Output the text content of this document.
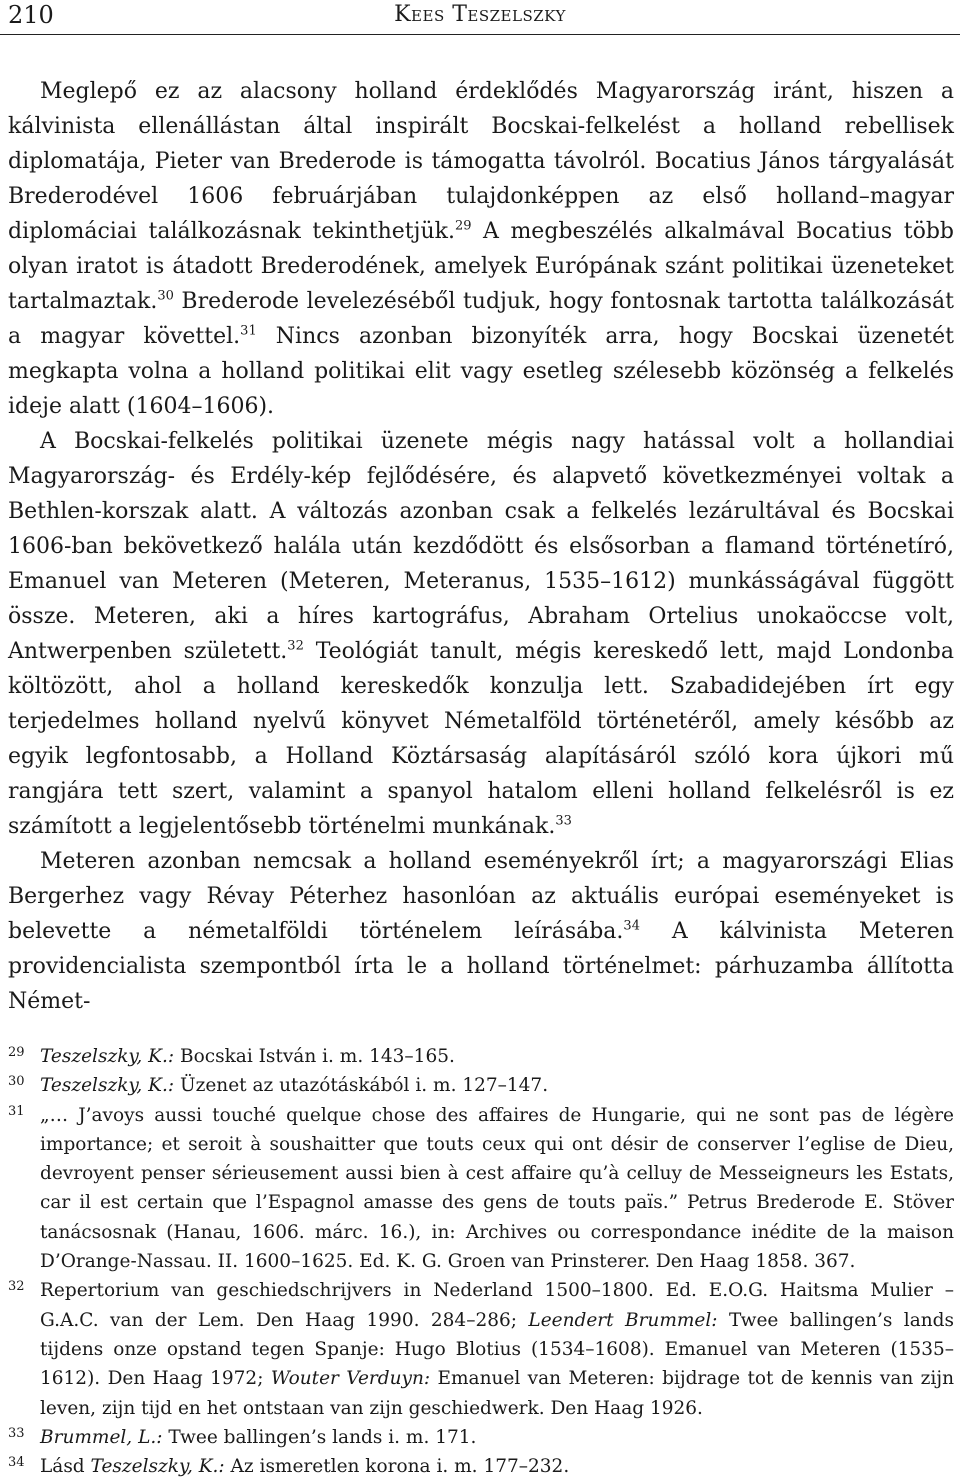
210	Kees Teszelszky

Meglepő ez az alacsony holland érdeklődés Magyarország iránt, hiszen a kálvinista ellenállástan által inspirált Bocskai-felkelést a holland rebellisek diplomatája, Pieter van Brederode is támogatta távolról. Bocatius János tárgyalását Brederodével 1606 februárjában tulajdonképpen az első holland–magyar diplomáciai találkozásnak tekinthetjük.$^{29}$ A megbeszélés alkalmával Bocatius több olyan iratot is átadott Brederodének, amelyek Európának szánt politikai üzeneteket tartalmaztak.$^{30}$ Brederode levelezéséből tudjuk, hogy fontosnak tartotta találkozását a magyar követtel.$^{31}$ Nincs azonban bizonyíték arra, hogy Bocskai üzenetét megkapta volna a holland politikai elit vagy esetleg szélesebb közönség a felkelés ideje alatt (1604–1606).

A Bocskai-felkelés politikai üzenete mégis nagy hatással volt a hollandiai Magyarország- és Erdély-kép fejlődésére, és alapvető következményei voltak a Bethlen-korszak alatt. A változás azonban csak a felkelés lezárultával és Bocskai 1606-ban bekövetkező halála után kezdődött és elsősorban a flamand történetíró, Emanuel van Meteren (Meteren, Meteranus, 1535–1612) munkásságával függött össze. Meteren, aki a híres kartográfus, Abraham Ortelius unokaöccse volt, Antwerpenben született.$^{32}$ Teológiát tanult, mégis kereskedő lett, majd Londonba költözött, ahol a holland kereskedők konzulja lett. Szabadidejében írt egy terjedelmes holland nyelvű könyvet Németalföld történetéről, amely később az egyik legfontosabb, a Holland Köztársaság alapításáról szóló kora újkori mű rangjára tett szert, valamint a spanyol hatalom elleni holland felkelésről is ez számított a legjelentősebb történelmi munkának.$^{33}$

Meteren azonban nemcsak a holland eseményekről írt; a magyarországi Elias Bergerhez vagy Révay Péterhez hasonlóan az aktuális európai eseményeket is belevette a németalföldi történelem leírásába.$^{34}$ A kálvinista Meteren providencialista szempontból írta le a holland történelmet: párhuzamba állította Német-

29 Teszelszky, K.: Bocskai István i. m. 143–165.
30 Teszelszky, K.: Üzenet az utazótáskából i. m. 127–147.
31 „… J’avoys aussi touché quelque chose des affaires de Hungarie, qui ne sont pas de légère importance; et seroit à soushaitter que touts ceux qui ont désir de conserver l’eglise de Dieu, devroyent penser sérieusement aussi bien à cest affaire qu’à celluy de Messeigneurs les Estats, car il est certain que l’Espagnol amasse des gens de touts païs.” Petrus Brederode E. Stöver tanácsosnak (Hanau, 1606. márc. 16.), in: Archives ou correspondance inédite de la maison D’Orange-Nassau. II. 1600–1625. Ed. K. G. Groen van Prinsterer. Den Haag 1858. 367.
32 Repertorium van geschiedschrijvers in Nederland 1500–1800. Ed. E.O.G. Haitsma Mulier – G.A.C. van der Lem. Den Haag 1990. 284–286; Leendert Brummel: Twee ballingen’s lands tijdens onze opstand tegen Spanje: Hugo Blotius (1534–1608). Emanuel van Meteren (1535–1612). Den Haag 1972; Wouter Verduyn: Emanuel van Meteren: bijdrage tot de kennis van zijn leven, zijn tijd en het ontstaan van zijn geschiedwerk. Den Haag 1926.
33 Brummel, L.: Twee ballingen’s lands i. m. 171.
34 Lásd Teszelszky, K.: Az ismeretlen korona i. m. 177–232.
